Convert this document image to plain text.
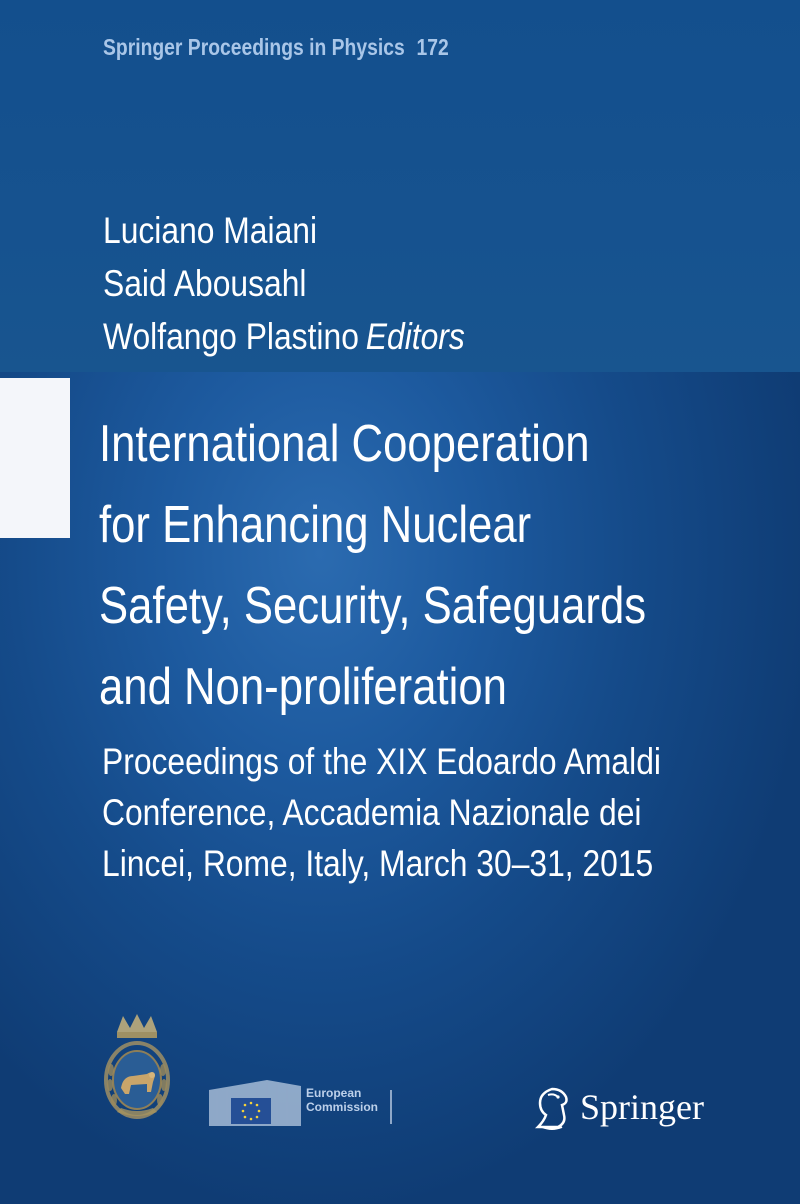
Springer Proceedings in Physics 172
Luciano Maiani
Said Abousahl
Wolfango Plastino Editors
International Cooperation
for Enhancing Nuclear
Safety, Security, Safeguards
and Non-proliferation
Proceedings of the XIX Edoardo Amaldi
Conference, Accademia Nazionale dei
Lincei, Rome, Italy, March 30–31, 2015
European
Commission	Springer
